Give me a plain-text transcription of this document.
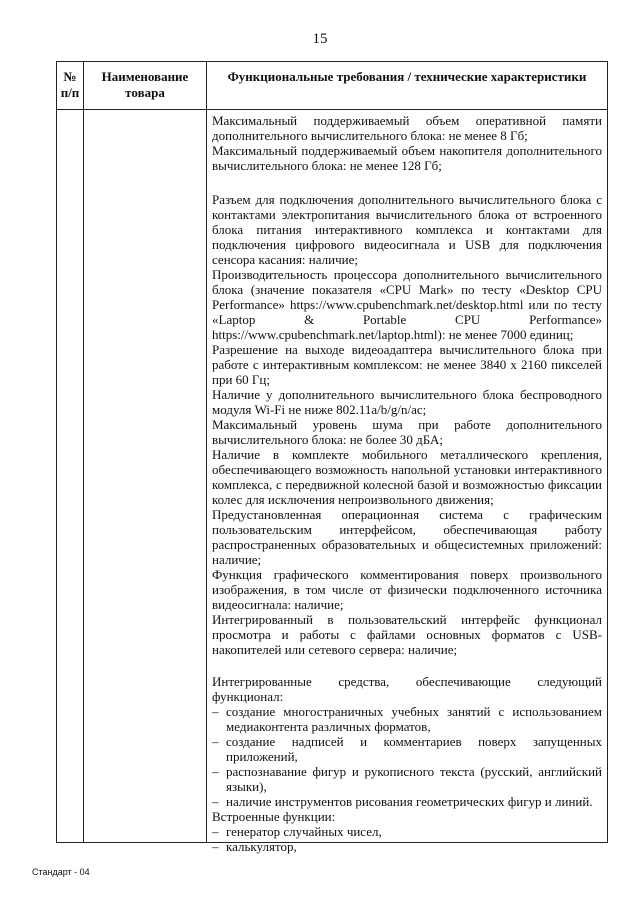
15
№ п/п
Наименование товара
Функциональные требования / технические характеристики

Максимальный поддерживаемый объем оперативной памяти дополнительного вычислительного блока: не менее 8 Гб;

Максимальный поддерживаемый объем накопителя дополнительного вычислительного блока: не менее 128 Гб;

Разъем для подключения дополнительного вычислительного блока с контактами электропитания вычислительного блока от встроенного блока питания интерактивного комплекса и контактами для подключения цифрового видеосигнала и USB для подключения сенсора касания: наличие;

Производительность процессора дополнительного вычислительного блока (значение показателя «CPU Mark» по тесту «Desktop CPU Performance» https://www.cpubenchmark.net/desktop.html или по тесту «Laptop & Portable CPU Performance» https://www.cpubenchmark.net/laptop.html): не менее 7000 единиц;

Разрешение на выходе видеоадаптера вычислительного блока при работе с интерактивным комплексом: не менее 3840 х 2160 пикселей при 60 Гц;

Наличие у дополнительного вычислительного блока беспроводного модуля Wi-Fi не ниже 802.11a/b/g/n/ac;

Максимальный уровень шума при работе дополнительного вычислительного блока: не более 30 дБА;

Наличие в комплекте мобильного металлического крепления, обеспечивающего возможность напольной установки интерактивного комплекса, с передвижной колесной базой и возможностью фиксации колес для исключения непроизвольного движения;

Предустановленная операционная система с графическим пользовательским интерфейсом, обеспечивающая работу распространенных образовательных и общесистемных приложений: наличие;

Функция графического комментирования поверх произвольного изображения, в том числе от физически подключенного источника видеосигнала: наличие;

Интегрированный в пользовательский интерфейс функционал просмотра и работы с файлами основных форматов с USB-накопителей или сетевого сервера: наличие;

Интегрированные средства, обеспечивающие следующий функционал:

– создание многостраничных учебных занятий с использованием медиаконтента различных форматов,
– создание надписей и комментариев поверх запущенных приложений,
– распознавание фигур и рукописного текста (русский, английский языки),
– наличие инструментов рисования геометрических фигур и линий.

Встроенные функции:

– генератор случайных чисел,
– калькулятор,
Стандарт - 04
